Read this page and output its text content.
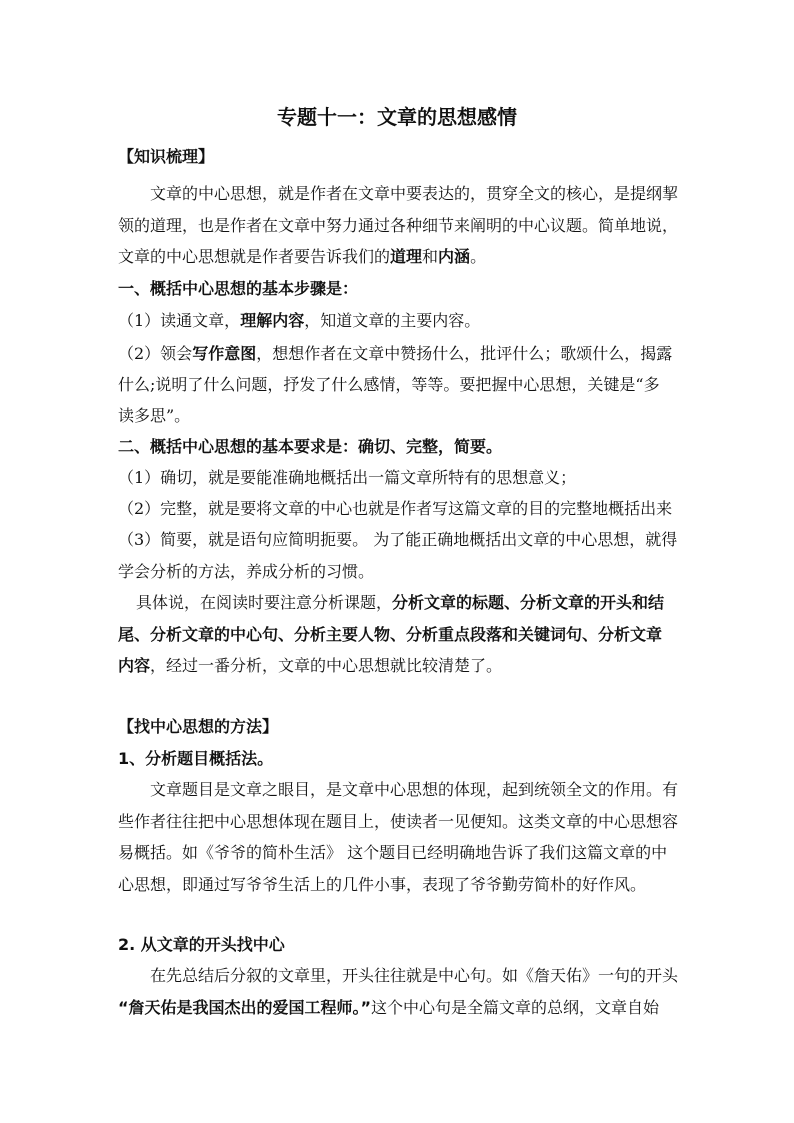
专题十一：文章的思想感情
【知识梳理】
文章的中心思想，就是作者在文章中要表达的，贯穿全文的核心，是提纲挈
领的道理，也是作者在文章中努力通过各种细节来阐明的中心议题。简单地说，
文章的中心思想就是作者要告诉我们的道理和内涵。
一、概括中心思想的基本步骤是：
（1）读通文章，理解内容，知道文章的主要内容。
（2）领会写作意图，想想作者在文章中赞扬什么，批评什么；歌颂什么，揭露
什么;说明了什么问题，抒发了什么感情，等等。要把握中心思想，关键是“多
读多思”。
二、概括中心思想的基本要求是：确切、完整，简要。
（1）确切，就是要能准确地概括出一篇文章所特有的思想意义；
（2）完整，就是要将文章的中心也就是作者写这篇文章的目的完整地概括出来
（3）简要，就是语句应简明扼要。 为了能正确地概括出文章的中心思想，就得
学会分析的方法，养成分析的习惯。
具体说，在阅读时要注意分析课题，分析文章的标题、分析文章的开头和结
尾、分析文章的中心句、分析主要人物、分析重点段落和关键词句、分析文章
内容，经过一番分析，文章的中心思想就比较清楚了。
【找中心思想的方法】
1、分析题目概括法。
文章题目是文章之眼目，是文章中心思想的体现，起到统领全文的作用。有
些作者往往把中心思想体现在题目上，使读者一见便知。这类文章的中心思想容
易概括。如《爷爷的简朴生活》 这个题目已经明确地告诉了我们这篇文章的中
心思想，即通过写爷爷生活上的几件小事，表现了爷爷勤劳简朴的好作风。
2. 从文章的开头找中心
在先总结后分叙的文章里，开头往往就是中心句。如《詹天佑》一句的开头
“詹天佑是我国杰出的爱国工程师。”这个中心句是全篇文章的总纲，文章自始
